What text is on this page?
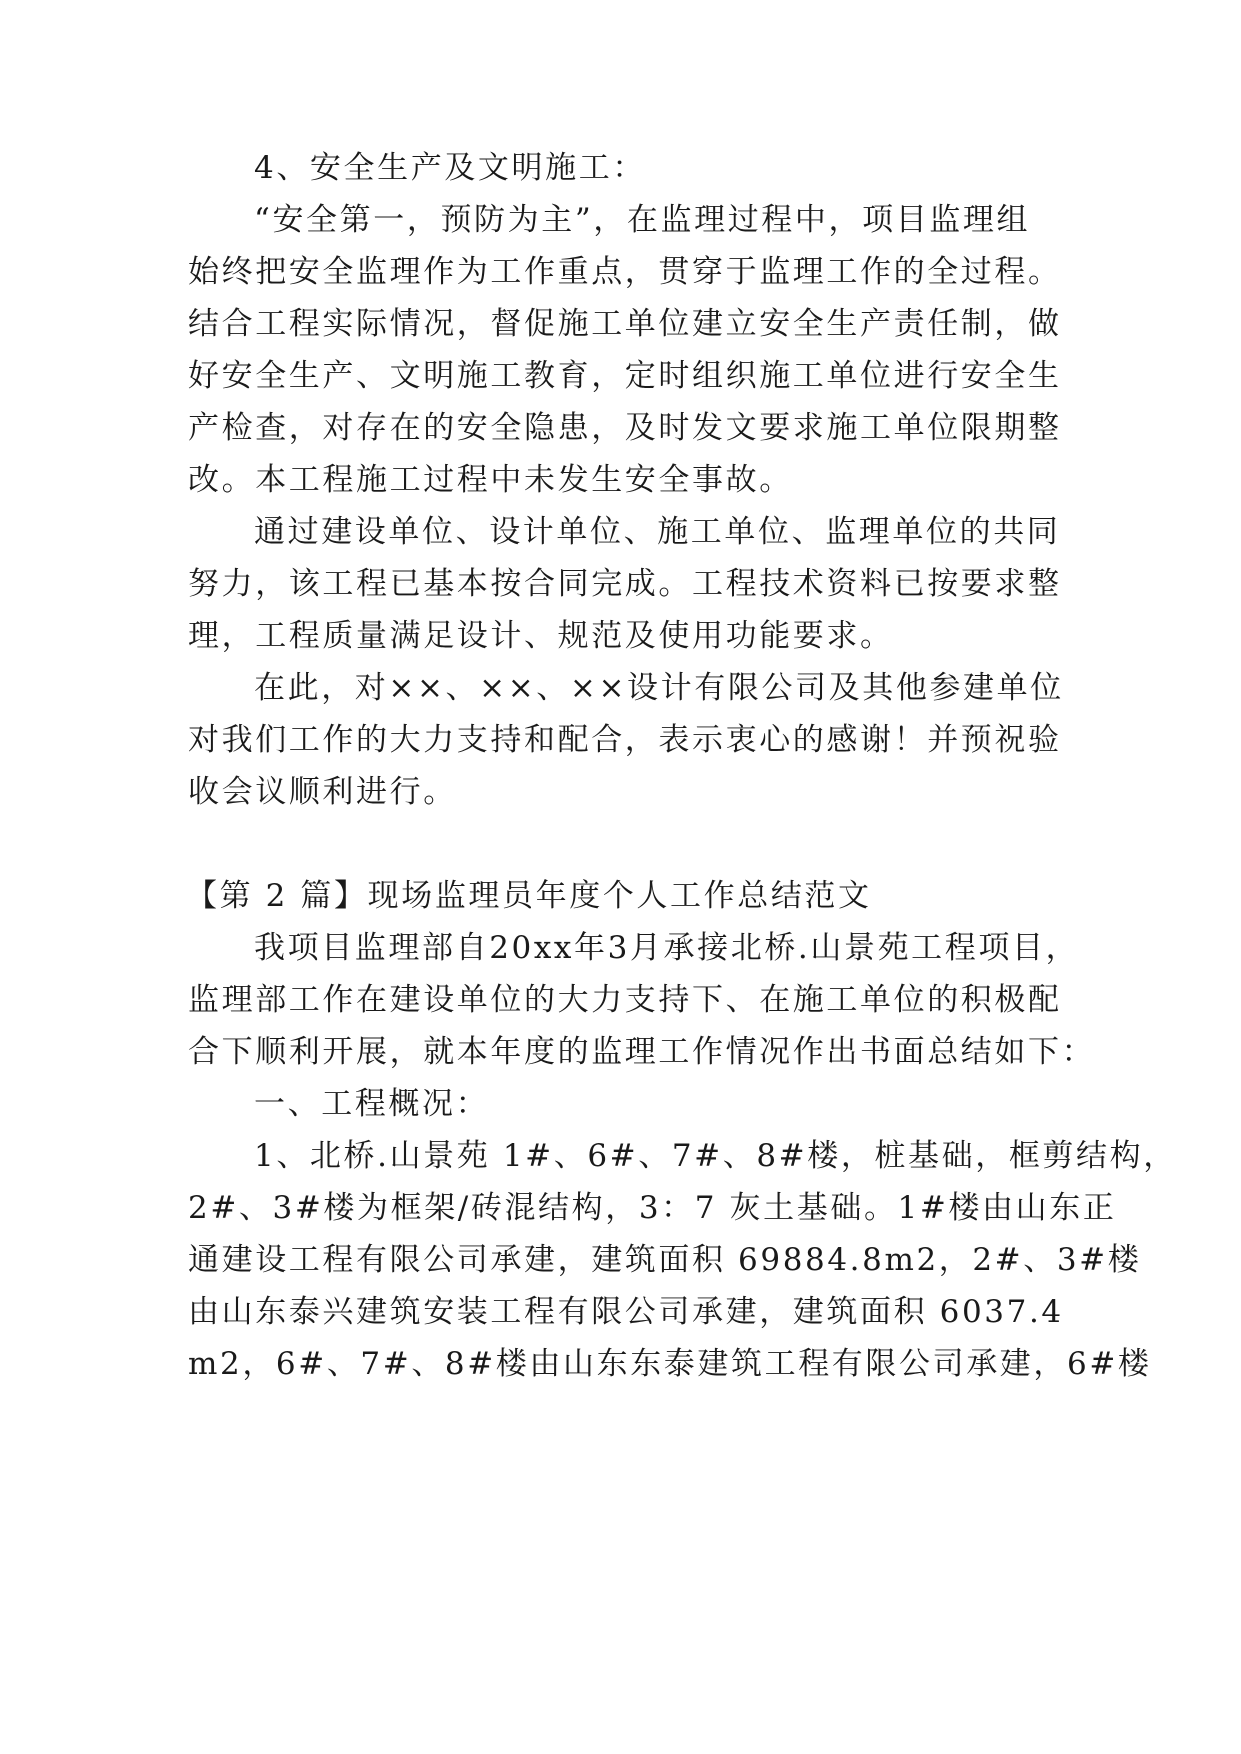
4、安全生产及文明施工：
“安全第一，预防为主”，在监理过程中，项目监理组
始终把安全监理作为工作重点，贯穿于监理工作的全过程。
结合工程实际情况，督促施工单位建立安全生产责任制，做
好安全生产、文明施工教育，定时组织施工单位进行安全生
产检查，对存在的安全隐患，及时发文要求施工单位限期整
改。本工程施工过程中未发生安全事故。
通过建设单位、设计单位、施工单位、监理单位的共同
努力，该工程已基本按合同完成。工程技术资料已按要求整
理，工程质量满足设计、规范及使用功能要求。
在此，对××、××、××设计有限公司及其他参建单位
对我们工作的大力支持和配合，表示衷心的感谢！并预祝验
收会议顺利进行。
【第 2 篇】现场监理员年度个人工作总结范文
我项目监理部自20xx年3月承接北桥.山景苑工程项目，
监理部工作在建设单位的大力支持下、在施工单位的积极配
合下顺利开展，就本年度的监理工作情况作出书面总结如下：
一、工程概况：
1、北桥.山景苑 1#、6#、7#、8#楼，桩基础，框剪结构，
2#、3#楼为框架/砖混结构，3：7 灰土基础。1#楼由山东正
通建设工程有限公司承建，建筑面积 69884.8m2，2#、3#楼
由山东泰兴建筑安装工程有限公司承建，建筑面积 6037.4
m2，6#、7#、8#楼由山东东泰建筑工程有限公司承建，6#楼
